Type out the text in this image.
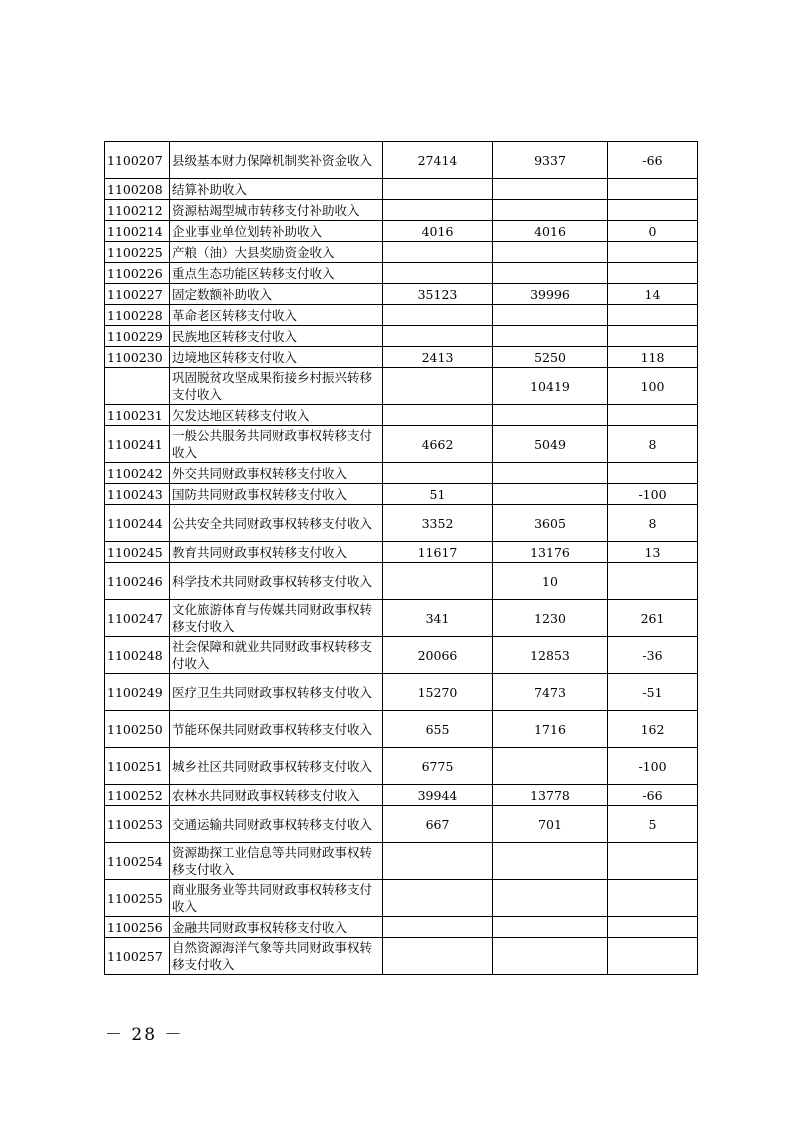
1100207	县级基本财力保障机制奖补资金收入	27414	9337	-66
1100208	结算补助收入			
1100212	资源枯竭型城市转移支付补助收入			
1100214	企业事业单位划转补助收入	4016	4016	0
1100225	产粮（油）大县奖励资金收入			
1100226	重点生态功能区转移支付收入			
1100227	固定数额补助收入	35123	39996	14
1100228	革命老区转移支付收入			
1100229	民族地区转移支付收入			
1100230	边境地区转移支付收入	2413	5250	118
	巩固脱贫攻坚成果衔接乡村振兴转移支付收入		10419	100
1100231	欠发达地区转移支付收入			
1100241	一般公共服务共同财政事权转移支付收入	4662	5049	8
1100242	外交共同财政事权转移支付收入			
1100243	国防共同财政事权转移支付收入	51		-100
1100244	公共安全共同财政事权转移支付收入	3352	3605	8
1100245	教育共同财政事权转移支付收入	11617	13176	13
1100246	科学技术共同财政事权转移支付收入		10	
1100247	文化旅游体育与传媒共同财政事权转移支付收入	341	1230	261
1100248	社会保障和就业共同财政事权转移支付收入	20066	12853	-36
1100249	医疗卫生共同财政事权转移支付收入	15270	7473	-51
1100250	节能环保共同财政事权转移支付收入	655	1716	162
1100251	城乡社区共同财政事权转移支付收入	6775		-100
1100252	农林水共同财政事权转移支付收入	39944	13778	-66
1100253	交通运输共同财政事权转移支付收入	667	701	5
1100254	资源勘探工业信息等共同财政事权转移支付收入			
1100255	商业服务业等共同财政事权转移支付收入			
1100256	金融共同财政事权转移支付收入			
1100257	自然资源海洋气象等共同财政事权转移支付收入			
－ 28 －
